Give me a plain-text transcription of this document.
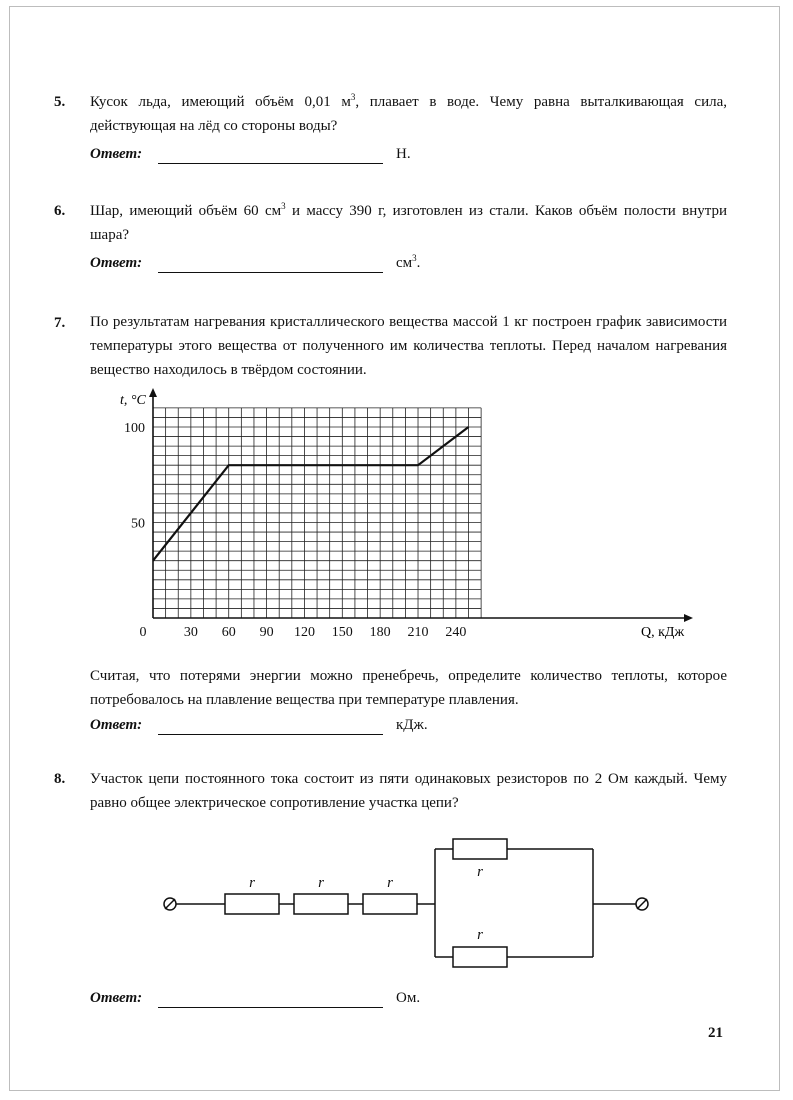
5. Кусок льда, имеющий объём 0,01 $м^3$, плавает в воде. Чему равна выталкивающая сила, действующая на лёд со стороны воды?

Ответ:	Н.
6. Шар, имеющий объём 60 $см^3$ и массу 390 г, изготовлен из стали. Каков объём полости внутри шара?

Ответ:	$см^3$.
7. По результатам нагревания кристаллического вещества массой 1 кг построен график зависимости температуры этого вещества от полученного им количества теплоты. Перед началом нагревания вещество находилось в твёрдом состоянии.

0	30 60 90 120 150 180 210 240
50
100
t, °C
Q, кДж

Считая, что потерями энергии можно пренебречь, определите количество теплоты, которое потребовалось на плавление вещества при температуре плавления.

Ответ:	кДж.
8. Участок цепи постоянного тока состоит из пяти одинаковых резисторов по 2 Ом каждый. Чему равно общее электрическое сопротивление участка цепи?

r	r	r
r
r
Ответ:	Ом.
21
